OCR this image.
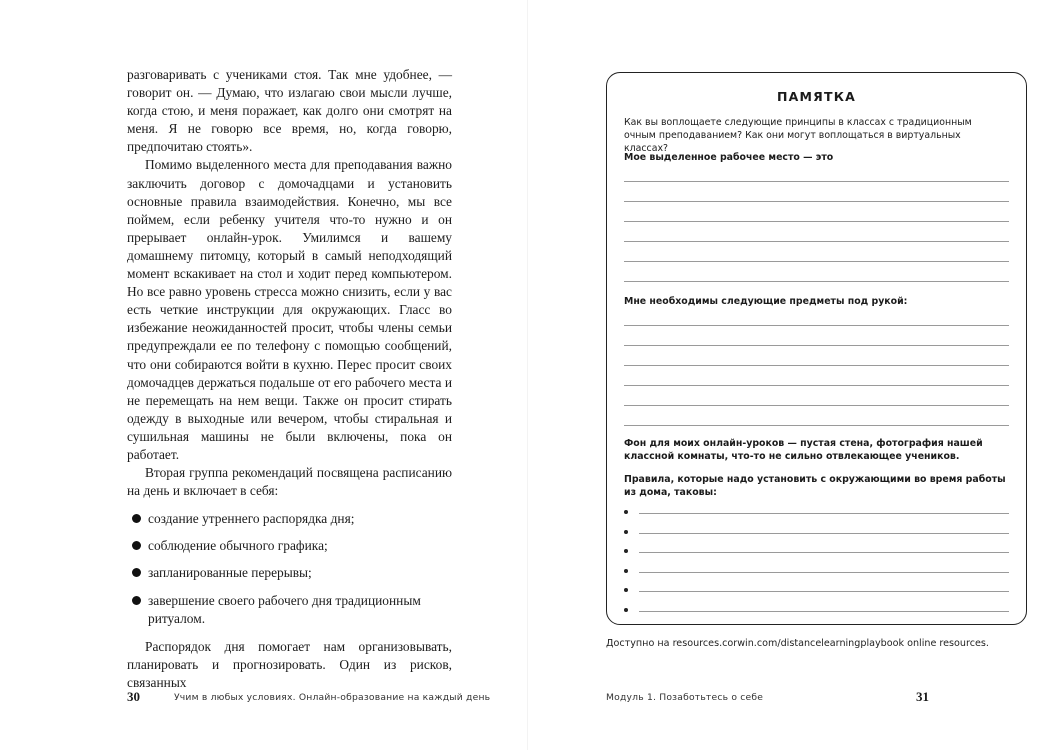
разговаривать с учениками стоя. Так мне удобнее, — говорит он. — Думаю, что излагаю свои мысли лучше, когда стою, и меня поражает, как долго они смотрят на меня. Я не говорю все время, но, когда говорю, предпочитаю стоять».

Помимо выделенного места для преподавания важно заключить договор с домочадцами и установить основные правила взаимодействия. Конечно, мы все поймем, если ребенку учителя что-то нужно и он прерывает онлайн-урок. Умилимся и вашему домашнему питомцу, который в самый неподходящий момент вскакивает на стол и ходит перед компьютером. Но все равно уровень стресса можно снизить, если у вас есть четкие инструкции для окружающих. Гласс во избежание неожиданностей просит, чтобы члены семьи предупреждали ее по телефону с помощью сообщений, что они собираются войти в кухню. Перес просит своих домочадцев держаться подальше от его рабочего места и не перемещать на нем вещи. Также он просит стирать одежду в выходные или вечером, чтобы стиральная и сушильная машины не были включены, пока он работает.

Вторая группа рекомендаций посвящена расписанию на день и включает в себя:

создание утреннего распорядка дня;
соблюдение обычного графика;
запланированные перерывы;
завершение своего рабочего дня традиционным ритуалом.

Распорядок дня помогает нам организовывать, планировать и прогнозировать. Один из рисков, связанных

30	Учим в любых условиях. Онлайн-образование на каждый день
ПАМЯТКА
Как вы воплощаете следующие принципы в классах с традиционным очным преподаванием? Как они могут воплощаться в виртуальных классах?
Мое выделенное рабочее место — это
Мне необходимы следующие предметы под рукой:
Фон для моих онлайн-уроков — пустая стена, фотография нашей классной комнаты, что-то не сильно отвлекающее учеников.
Правила, которые надо установить с окружающими во время работы из дома, таковы:
Доступно на resources.corwin.com/distancelearningplaybook online resources.
Модуль 1. Позаботьтесь о себе	31
